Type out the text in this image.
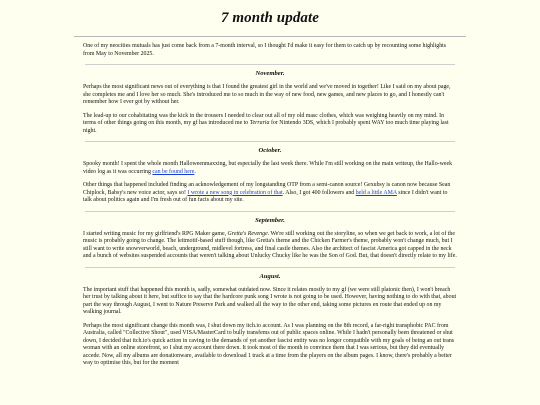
7 month update

One of my neocities mutuals has just come back from a 7-month interval, so I thought I'd make it easy for them to catch up by recounting some highlights from May to November 2025.

November.

Perhaps the most significant news out of everything is that I found the greatest girl in the world and we've moved in together! Like I said on my about page, she completes me and I love her so much. She's introduced me to so much in the way of new food, new games, and new places to go, and I honestly can't remember how I ever got by without her.

The lead-up to our cohabitating was the kick in the trousers I needed to clear out all of my old masc clothes, which was weighing heavily on my mind. In terms of other things going on this month, my gf has introduced me to Terraria for Nintendo 3DS, which I probably spent WAY too much time playing last night.

October.

Spooky month! I spent the whole month Halloweenmaxxing, but especially the last week there. While I'm still working on the main writeup, the Hallo-week video log as it was occurring can be found here.

Other things that happened included finding an acknowledgement of my longstanding OTP from a semi-canon source! Gexubsy is canon now because Sean Chiplock, Babsy's new voice actor, says so! I wrote a new song in celebration of that. Also, I got 400 followers and held a little AMA since I didn't want to talk about politics again and I'm fresh out of fun facts about my site.

September.

I started writing music for my girlfriend's RPG Maker game, Gretta's Revenge. We're still working out the storyline, so when we get back to work, a lot of the music is probably going to change. The leitmotif-based stuff though, like Gretta's theme and the Chicken Farmer's theme, probably won't change much, but I still want to write snowverworld, beach, underground, midlevel fortress, and final castle themes. Also the architect of fascist America got capped in the neck and a bunch of websites suspended accounts that weren't talking about Unlucky Chucky like he was the Son of God. But, that doesn't directly relate to my life.

August.

The important stuff that happened this month is, sadly, somewhat outdated now. Since it relates mostly to my gf (we were still platonic then), I won't breach her trust by talking about it here, but suffice to say that the hardcore punk song I wrote is not going to be used. However, having nothing to do with that, about part the way through August, I went to Nature Preserve Park and walked all the way to the other end, taking some pictures en route that ended up on my walking journal.

Perhaps the most significant change this month was, I shut down my itch.io account. As I was planning on the 8th record, a far-right transphobic PAC from Australia, called "Collective Shout", used VISA/MasterCard to bully transfems out of public spaces online. While I hadn't personally been threatened or shut down, I decided that itch.io's quick action in caving to the demands of yet another fascist entity was no longer compatible with my goals of being an out trans woman with an online storefront, so I shut my account there down. It took most of the month to convince them that I was serious, but they did eventually accede. Now, all my albums are donationware, available to download 1 track at a time from the players on the album pages. I know, there's probably a better way to optimise this, but for the moment
